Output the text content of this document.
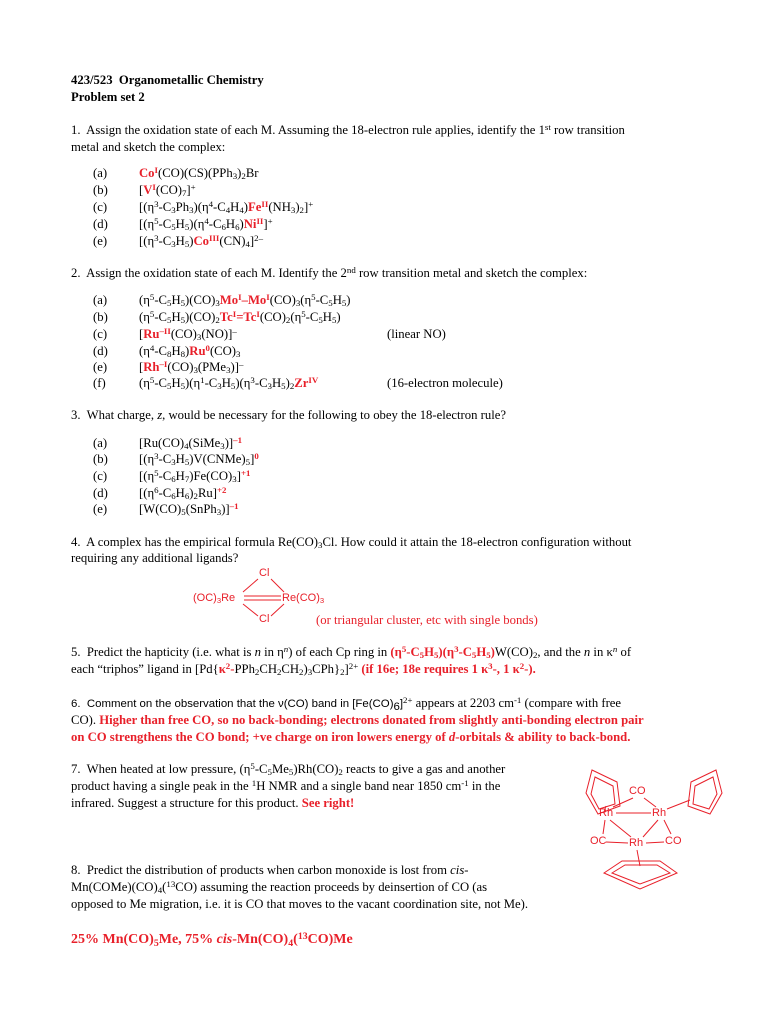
423/523  Organometallic Chemistry
Problem set 2
1.  Assign the oxidation state of each M. Assuming the 18-electron rule applies, identify the 1st row transition
metal and sketch the complex:
(a)	$Co^I(CO)(CS)(PPh3)2Br$
(b) $[V^I(CO)7]^+$
(c)	$[(\eta^3-C3Ph3)(\eta^4-C4H4)Fe^{II}(NH3)2]^+$
(d) $[(\eta^5-C5H5)(\eta^4-C6H6)Ni^{II}]^+$
(e)	$[(\eta^3-C3H5)Co^{III}(CN)4]^{2-}$
2.  Assign the oxidation state of each M. Identify the 2nd row transition metal and sketch the complex:
(a)	$(\eta^5-C5H5)(CO)3Mo^I-Mo^I(CO)3(\eta^5-C5H5)$
(b) $(\eta^5-C5H5)(CO)2Tc^I=Tc^I(CO)2(\eta^5-C5H5)$
(c)	$[Ru^{-II}(CO)3(NO)]^-$	(linear NO)
(d) $(\eta^4-C8H8)Ru^0(CO)3$
(e)	$[Rh^{-I}(CO)3(PMe3)]^-$
(f)	$(\eta^5-C5H5)(\eta^1-C3H5)(\eta^3-C3H5)2Zr^{IV}$	(16-electron molecule)
3.  What charge, z, would be necessary for the following to obey the 18-electron rule?
(a)	[Ru(CO)4(SiMe3)]$^{-1}$
(b) $[(\eta^3-C3H5)V(CNMe)5]^0$
(c)	$[(\eta^5-C6H7)Fe(CO)3]^{+1}$
(d) $[(\eta^6-C6H6)2Ru]^{+2}$
(e)	[W(CO)5(SnPh3)]$^{-1}$
4.  A complex has the empirical formula Re(CO)3Cl. How could it attain the 18-electron configuration without
requiring any additional ligands?
Cl
(OC)3Re	Re(CO)3
Cl	(or triangular cluster, etc with single bonds)
5.  Predict the hapticity (i.e. what is n in $\eta^n$) of each Cp ring in $(\eta^5-C5H5)(\eta^3-C5H5)W(CO)2$, and the n in $\kappa^n$ of
each “triphos” ligand in $[Pd\{\kappa^2-PPh2CH2CH2)3CPh\}2]^{2+}$ (if 16e; 18e requires 1 $\kappa^3-$, 1 $\kappa^2-$).
6.  Comment on the observation that the ν(CO) band in $[Fe(CO)6]^{2+}$ appears at 2203 $cm^{-1}$ (compare with free
CO). Higher than free CO, so no back-bonding; electrons donated from slightly anti-bonding electron pair
on CO strengthens the CO bond; +ve charge on iron lowers energy of d-orbitals & ability to back-bond.
7.  When heated at low pressure, $(\eta^5-C5Me5)Rh(CO)2$ reacts to give a gas and another
product having a single peak in the $^1$H NMR and a single band near 1850 $cm^{-1}$ in the
infrared. Suggest a structure for this product. See right!
CO
Rh	Rh
OC Rh CO
8.  Predict the distribution of products when carbon monoxide is lost from cis-
Mn(COMe)(CO)4($^{13}$CO) assuming the reaction proceeds by deinsertion of CO (as
opposed to Me migration, i.e. it is CO that moves to the vacant coordination site, not Me).
25% Mn(CO)5Me, 75% cis-Mn(CO)4($^{13}$CO)Me
